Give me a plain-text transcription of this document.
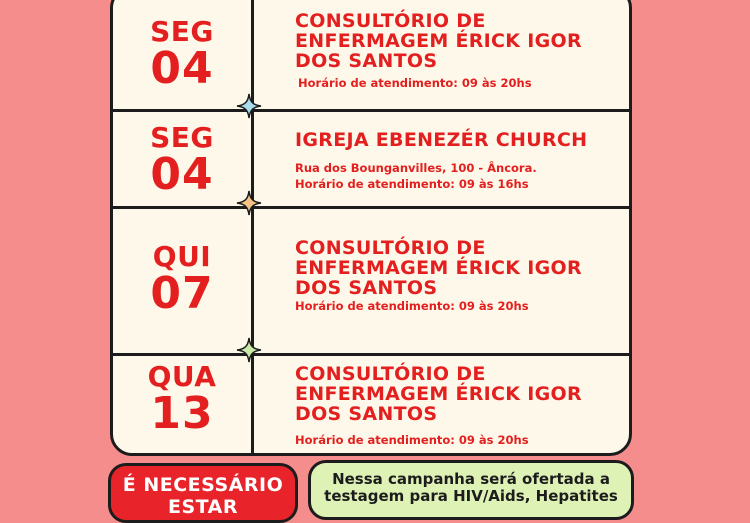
SEG
04
CONSULTÓRIO DE
ENFERMAGEM ÉRICK IGOR
DOS SANTOS
Horário de atendimento: 09 às 20hs
SEG
04
IGREJA EBENEZÉR CHURCH
Rua dos Bounganvilles, 100 - Âncora.
Horário de atendimento: 09 às 16hs
QUI
07
CONSULTÓRIO DE
ENFERMAGEM ÉRICK IGOR
DOS SANTOS
Horário de atendimento: 09 às 20hs
QUA
13
CONSULTÓRIO DE
ENFERMAGEM ÉRICK IGOR
DOS SANTOS
Horário de atendimento: 09 às 20hs
É NECESSÁRIO
ESTAR
Nessa campanha será ofertada a
testagem para HIV/Aids, Hepatites
